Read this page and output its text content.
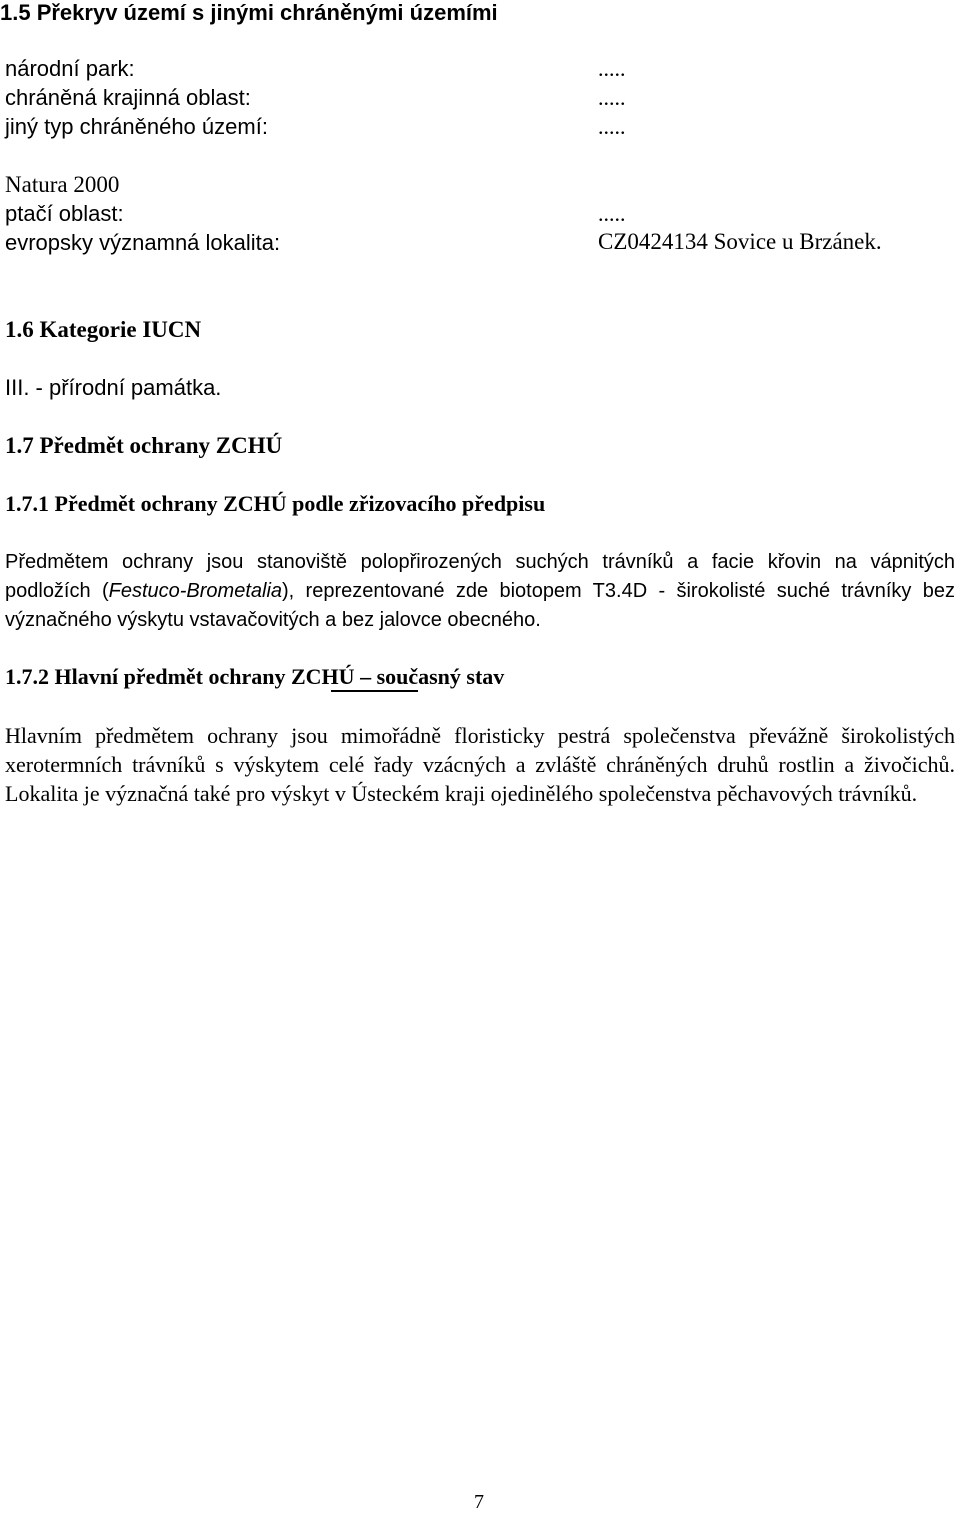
1.5 Překryv území s jinými chráněnými územími
národní park:	.....
chráněná krajinná oblast:	.....
jiný typ chráněného území:	.....
Natura 2000
ptačí oblast:	.....
evropsky významná lokalita:	CZ0424134 Sovice u Brzánek.
1.6 Kategorie IUCN
III. - přírodní památka.
1.7 Předmět ochrany ZCHÚ
1.7.1 Předmět ochrany ZCHÚ podle zřizovacího předpisu
Předmětem ochrany jsou stanoviště polopřirozených suchých trávníků a facie křovin na vápnitých podložích (Festuco-Brometalia), reprezentované zde biotopem T3.4D - širokolisté suché trávníky bez význačného výskytu vstavačovitých a bez jalovce obecného.
1.7.2 Hlavní předmět ochrany ZCHÚ – současný stav
Hlavním předmětem ochrany jsou mimořádně floristicky pestrá společenstva převážně širokolistých xerotermních trávníků s výskytem celé řady vzácných a zvláště chráněných druhů rostlin a živočichů. Lokalita je význačná také pro výskyt v Ústeckém kraji ojedinělého společenstva pěchavových trávníků.
7
